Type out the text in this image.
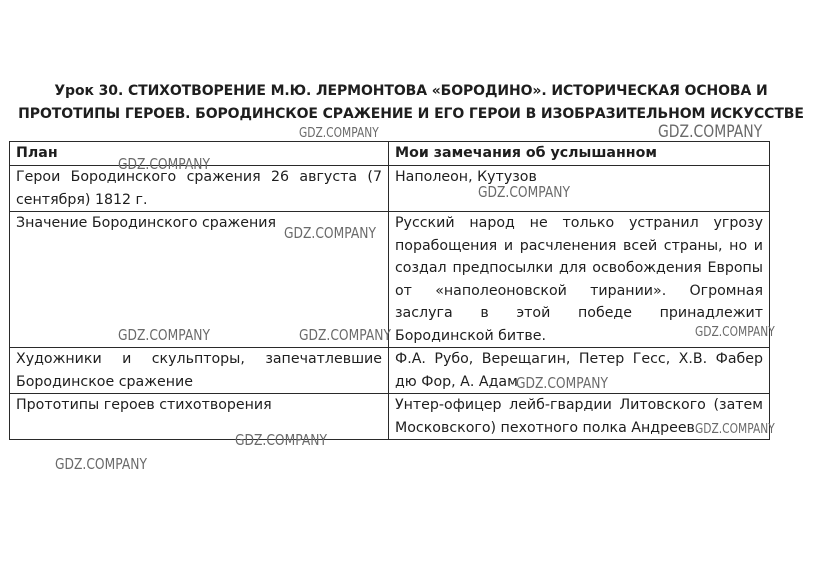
Урок 30. СТИХОТВОРЕНИЕ М.Ю. ЛЕРМОНТОВА «БОРОДИНО». ИСТОРИЧЕСКАЯ ОСНОВА И
ПРОТОТИПЫ ГЕРОЕВ. БОРОДИНСКОЕ СРАЖЕНИЕ И ЕГО ГЕРОИ В ИЗОБРАЗИТЕЛЬНОМ ИСКУССТВЕ
План	Мои замечания об услышанном
Герои Бородинского сражения 26 августа (7 сентября) 1812 г.	Наполеон, Кутузов
Значение Бородинского сражения	Русский народ не только устранил угрозу порабощения и расчленения всей страны, но и создал предпосылки для освобождения Европы от «наполеоновской тирании». Огромная заслуга в этой победе принадлежит Бородинской битве.
Художники и скульпторы, запечатлевшие Бородинское сражение	Ф.А. Рубо, Верещагин, Петер Гесс, Х.В. Фабер дю Фор, А. Адам
Прототипы героев стихотворения	Унтер-офицер лейб-гвардии Литовского (затем Московского) пехотного полка Андреев.
GDZ.COMPANY	GDZ.COMPANY
GDZ.COMPANY
GDZ.COMPANY
GDZ.COMPANY
GDZ.COMPANY	GDZ.COMPANY	GDZ.COMPANY
GDZ.COMPANY
GDZ.COMPANY
GDZ.COMPANY
GDZ.COMPANY
